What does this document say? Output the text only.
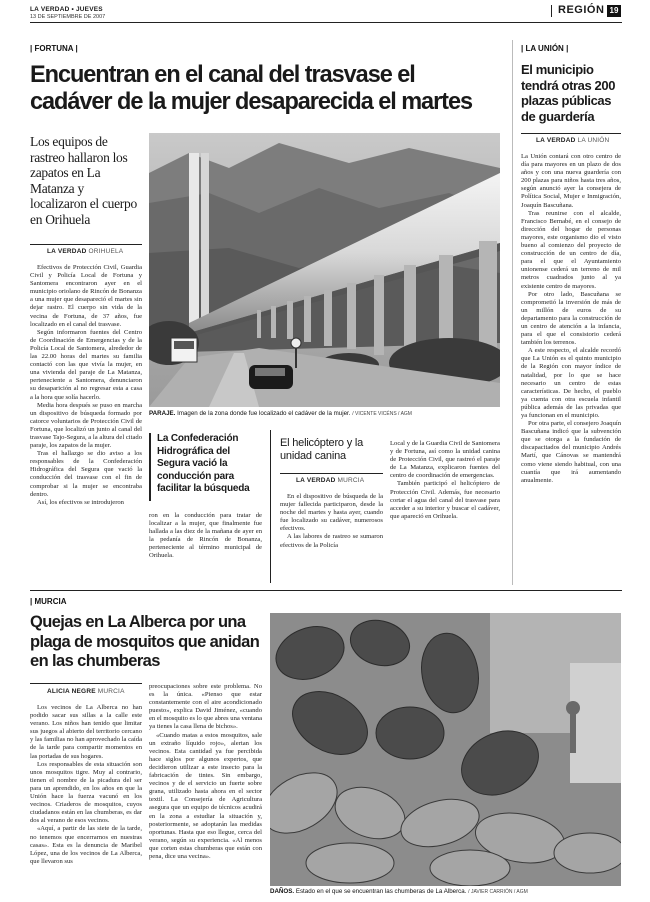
LA VERDAD • JUEVES
13 DE SEPTIEMBRE DE 2007
REGIÓN 19
| FORTUNA |
Encuentran en el canal del trasvase el cadáver de la mujer desaparecida el martes
Los equipos de rastreo hallaron los zapatos en La Matanza y localizaron el cuerpo en Orihuela
LA VERDAD ORIHUELA

Efectivos de Protección Civil, Guardia Civil y Policía Local de Fortuna y Santomera encontraron ayer en el municipio oriolano de Rincón de Bonanza a una mujer que desapareció el martes sin dejar rastro. El cuerpo sin vida de la vecina de Fortuna, de 37 años, fue localizado en el canal del trasvase.

Según informaron fuentes del Centro de Coordinación de Emergencias y de la Policía Local de Santomera, alrededor de las 22.00 horas del martes su familia contactó con las que vivía la mujer, en una vivienda del paraje de La Matanza, perteneciente a Santomera, denunciaron su desaparición al no regresar esta a casa a la hora que solía hacerlo.

Media hora después se puso en marcha un dispositivo de búsqueda formado por catorce voluntarios de Protección Civil de Fortuna, que localizó un junto al canal del trasvase Tajo-Segura, a la altura del citado paraje, los zapatos de la mujer.

Tras el hallazgo se dio aviso a los responsables de la Confederación Hidrográfica del Segura que vació la conducción del trasvase con el fin de comprobar si la mujer se encontraba dentro.

Así, los efectivos se introdujeron

PARAJE. Imagen de la zona donde fue localizado el cadáver de la mujer. / VICENTE VICÉNS / AGM
La Confederación Hidrográfica del Segura vació la conducción para facilitar la búsqueda

ron en la conducción para tratar de localizar a la mujer, que finalmente fue hallada a las diez de la mañana de ayer en la pedanía de Rincón de Bonanza, perteneciente al término municipal de Orihuela.

El helicóptero y la unidad canina
LA VERDAD MURCIA

En el dispositivo de búsqueda de la mujer fallecida participaron, desde la noche del martes y hasta ayer, cuando fue localizado su cadáver, numerosos efectivos.

A las labores de rastreo se sumaron efectivos de la Policía

Local y de la Guardia Civil de Santomera y de Fortuna, así como la unidad canina de Protección Civil, que rastreó el paraje de La Matanza, explicaron fuentes del centro de coordinación de emergencias.

También participó el helicóptero de Protección Civil. Además, fue necesario cortar el agua del canal del trasvase para acceder a su interior y buscar el cadáver, que apareció en Orihuela.

| LA UNIÓN |
El municipio tendrá otras 200 plazas públicas de guardería
LA VERDAD LA UNIÓN

La Unión contará con otro centro de día para mayores en un plazo de dos años y con una nueva guardería con 200 plazas para niños hasta tres años, según anunció ayer la consejera de Política Social, Mujer e Inmigración, Joaquín Bascuñana.

Tras reunirse con el alcalde, Francisco Bernabé, en el consejo de dirección del hogar de personas mayores, este organismo dio el visto bueno al comienzo del proyecto de construcción de un centro de día, para el que el Ayuntamiento unionense cederá un terreno de mil metros cuadrados junto al ya existente centro de mayores.

Por otro lado, Bascuñana se comprometió la inversión de más de un millón de euros de su departamento para la construcción de un centro de atención a la infancia, para el que el consistorio cederá también los terrenos.

A este respecto, el alcalde recordó que La Unión es el quinto municipio de la Región con mayor índice de natalidad, por lo que se hace necesario un centro de estas características. De hecho, el pueblo ya cuenta con otra escuela infantil pública además de las privadas que ya funcionan en el municipio.

Por otra parte, el consejero Joaquín Bascuñana indicó que la subvención que se otorga a la fundación de discapacitados del municipio Andrés Martí, que Cánovas se mantendrá como viene siendo habitual, con una cuantía que irá aumentando anualmente.

| MURCIA
Quejas en La Alberca por una plaga de mosquitos que anidan en las chumberas
ALICIA NEGRE MURCIA

Los vecinos de La Alberca no han podido sacar sus sillas a la calle este verano. Los niños han tenido que limitar sus juegos al abierto del territorio cercano y las familias no han aprovechado la caída de la tarde para compartir momentos en las portadas de sus hogares.

Los responsables de esta situación son unos mosquitos tigre. Muy al contrario, tienen el nombre de la picadura del ser para un aprendido, en los años en que la Unión hace la fuerza vacunó en los vecinos. Criaderos de mosquitos, cuyos ciudadanos están en las chumberas, es dar dos al verano de esos vecinos.

«Aquí, a partir de las siete de la tarde, no tenemos que encerrarnos en nuestras casas». Esta es la denuncia de Maribel López, una de los vecinos de La Alberca, que llevaron sus

preocupaciones sobre este problema. No es la única. «Pienso que estar constantemente con el aire acondicionado puesto», explica David Jiménez, «cuando en el mosquito es lo que abres una ventana ya tienes la casa llena de bichos».

«Cuando matas a estos mosquitos, sale un extraño líquido rojo», alertan los vecinos. Esta cantidad ya fue percibida hace siglos por algunos expertos, que decidieron utilizar a este insecto para la fabricación de tintes. Sin embargo, vecinos y de el servicio un fuerte sobre grana, utilizado hasta ahora en el sector textil. La Consejería de Agricultura asegura que un equipo de técnicos acudirá en la zona a estudiar la situación y, posteriormente, se adoptarán las medidas oportunas. Hasta que eso llegue, cerca del verano, según su experiencia. «Al menos que corten estas chumberas que están con pena, dice una vecina».

DAÑOS. Estado en el que se encuentran las chumberas de La Alberca. / JAVIER CARRIÓN / AGM
